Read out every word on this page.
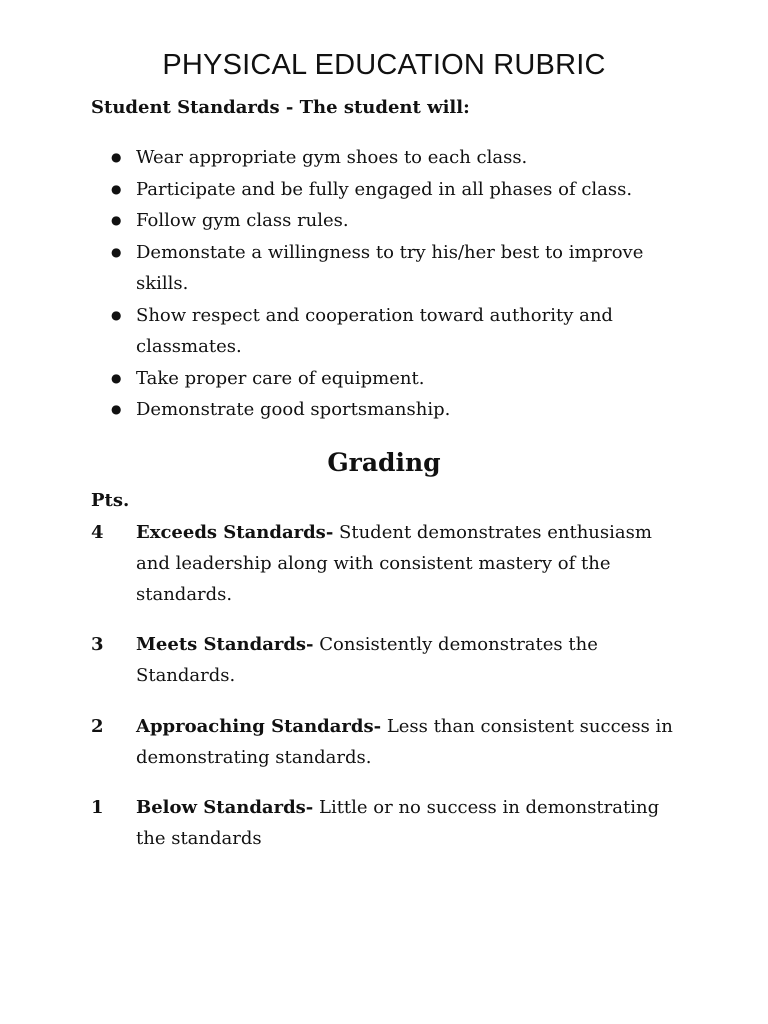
PHYSICAL EDUCATION RUBRIC

Student Standards - The student will:

● Wear appropriate gym shoes to each class.
● Participate and be fully engaged in all phases of class.
● Follow gym class rules.
● Demonstate a willingness to try his/her best to improve skills.
● Show respect and cooperation toward authority and classmates.
● Take proper care of equipment.
● Demonstrate good sportsmanship.
Grading

Pts.

4	Exceeds Standards- Student demonstrates enthusiasm and leadership along with consistent mastery of the standards.
3	Meets Standards- Consistently demonstrates the Standards.
2	Approaching Standards- Less than consistent success in demonstrating standards.
1	Below Standards- Little or no success in demonstrating the standards
